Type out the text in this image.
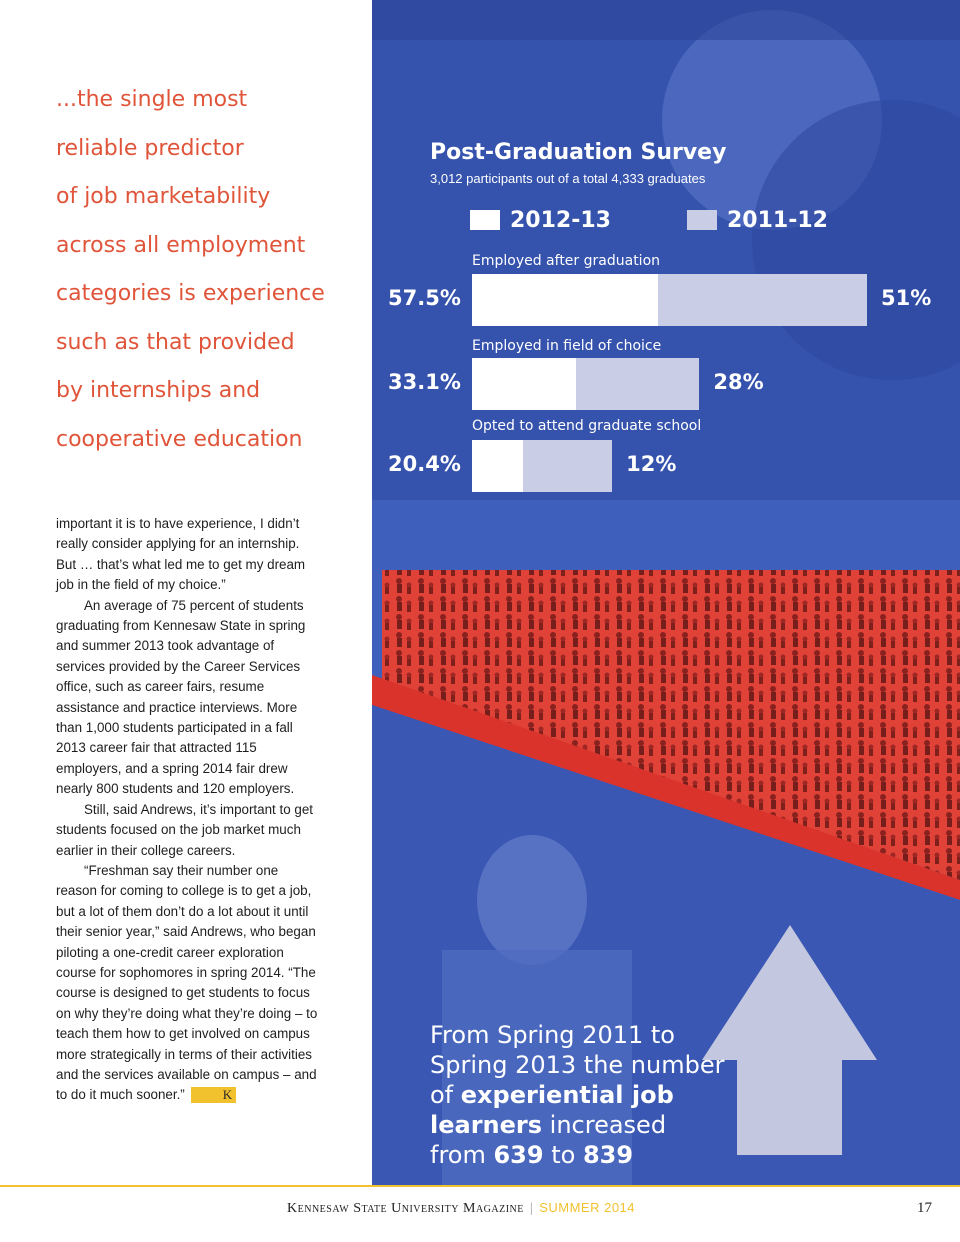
...the single most
reliable predictor
of job marketability
across all employment
categories is experience
such as that provided
by internships and
cooperative education

important it is to have experience, I didn’t really consider applying for an internship. But … that’s what led me to get my dream job in the field of my choice.”

An average of 75 percent of students graduating from Kennesaw State in spring and summer 2013 took advantage of services provided by the Career Services office, such as career fairs, resume assistance and practice interviews. More than 1,000 students participated in a fall 2013 career fair that attracted 115 employers, and a spring 2014 fair drew nearly 800 students and 120 employers.

Still, said Andrews, it’s important to get students focused on the job market much earlier in their college careers.

“Freshman say their number one reason for coming to college is to get a job, but a lot of them don’t do a lot about it until their senior year,” said Andrews, who began piloting a one-credit career exploration course for sophomores in spring 2014. “The course is designed to get students to focus on why they’re doing what they’re doing – to teach them how to get involved on campus more strategically in terms of their activities and the services available on campus – and to do it much sooner.”	K

Post-Graduation Survey
3,012 participants out of a total 4,333 graduates
2012-13	2011-12
Employed after graduation
57.5%	51%
Employed in field of choice
33.1%	28%
Opted to attend graduate school
20.4%	12%
From Spring 2011 to
Spring 2013 the number
of experiential job
learners increased
from 639 to 839
Kennesaw State University Magazine | SUMMER 2014	17
